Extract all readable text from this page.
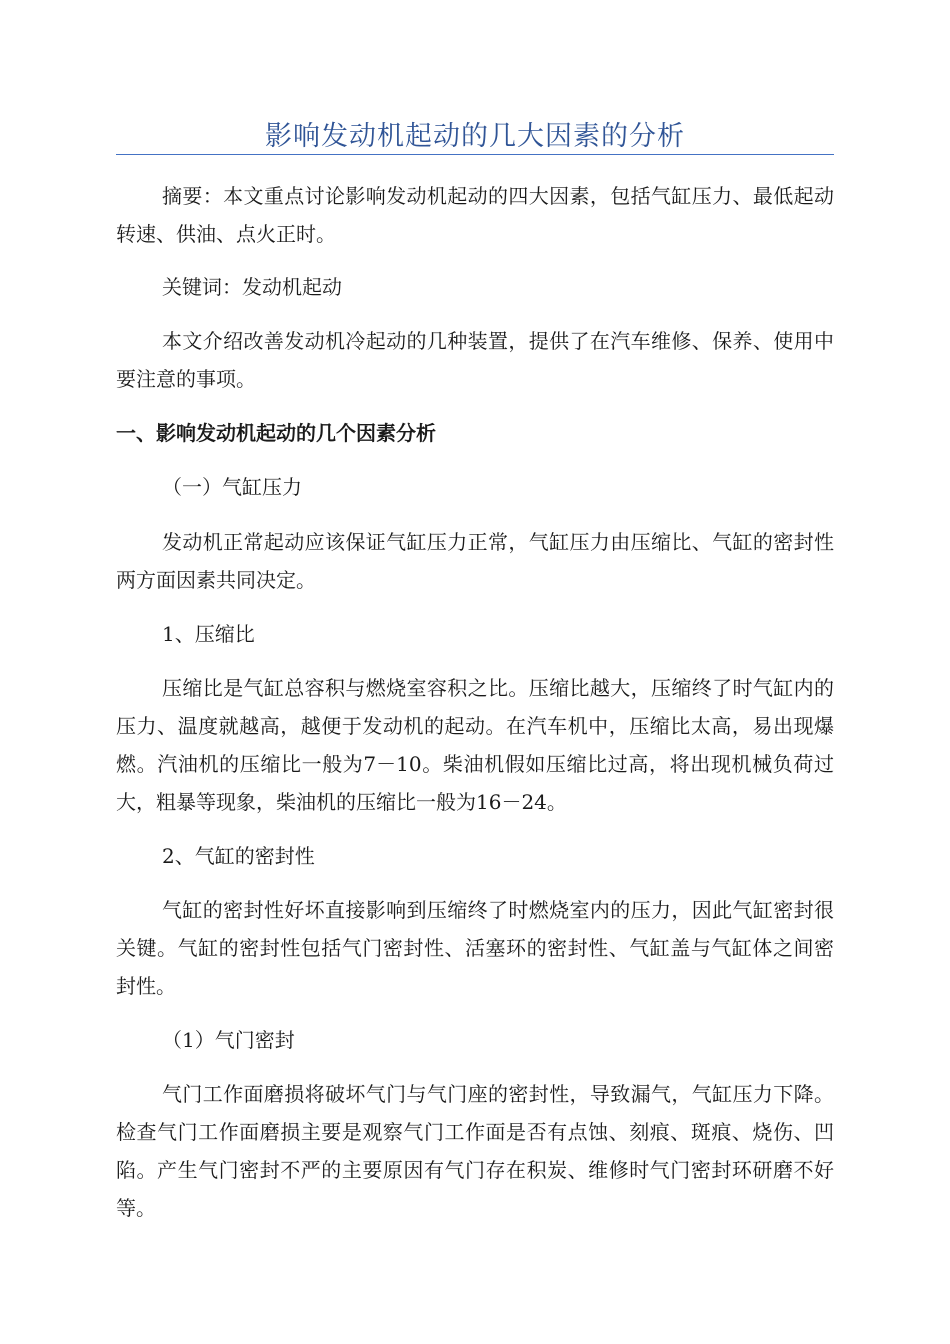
影响发动机起动的几大因素的分析

摘要：本文重点讨论影响发动机起动的四大因素，包括气缸压力、最低起动转速、供油、点火正时。

关键词：发动机起动

本文介绍改善发动机冷起动的几种装置，提供了在汽车维修、保养、使用中要注意的事项。

一、影响发动机起动的几个因素分析

（一）气缸压力

发动机正常起动应该保证气缸压力正常，气缸压力由压缩比、气缸的密封性两方面因素共同决定。

1、压缩比

压缩比是气缸总容积与燃烧室容积之比。压缩比越大，压缩终了时气缸内的压力、温度就越高，越便于发动机的起动。在汽车机中，压缩比太高，易出现爆燃。汽油机的压缩比一般为7－10。柴油机假如压缩比过高，将出现机械负荷过大，粗暴等现象，柴油机的压缩比一般为16－24。

2、气缸的密封性

气缸的密封性好坏直接影响到压缩终了时燃烧室内的压力，因此气缸密封很关键。气缸的密封性包括气门密封性、活塞环的密封性、气缸盖与气缸体之间密封性。

（1）气门密封

气门工作面磨损将破坏气门与气门座的密封性，导致漏气，气缸压力下降。检查气门工作面磨损主要是观察气门工作面是否有点蚀、刻痕、斑痕、烧伤、凹陷。产生气门密封不严的主要原因有气门存在积炭、维修时气门密封环研磨不好等。
